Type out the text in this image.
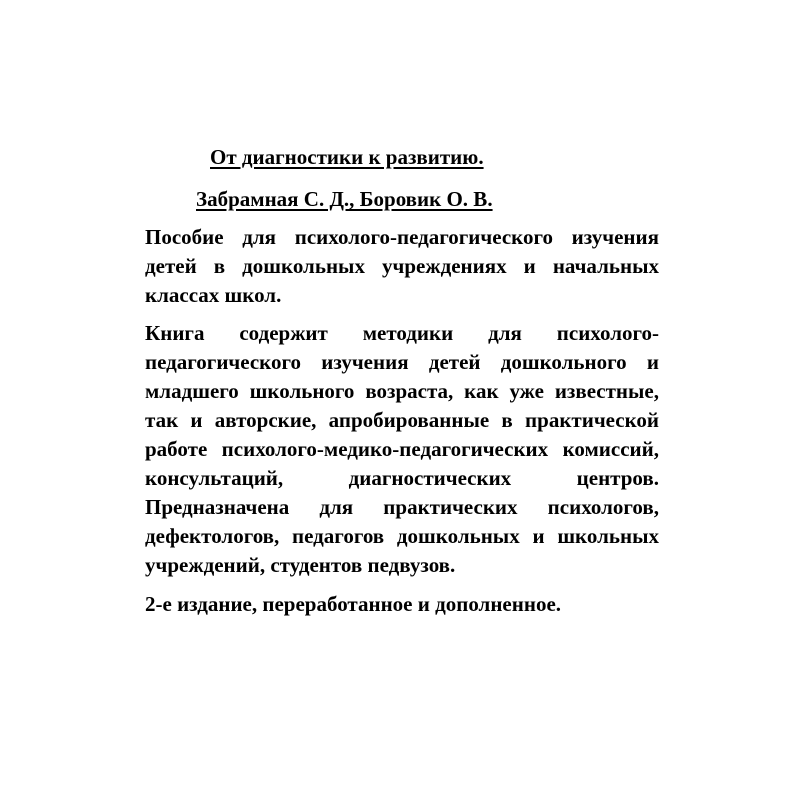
От диагностики к развитию.

Забрамная С. Д., Боровик О. В.

Пособие для психолого-педагогического изучения детей в дошкольных учреждениях и начальных классах школ.

Книга содержит методики для психолого-педагогического изучения детей дошкольного и младшего школьного возраста, как уже известные, так и авторские, апробированные в практической работе психолого-медико-педагогических комиссий, консультаций, диагностических центров. Предназначена для практических психологов, дефектологов, педагогов дошкольных и школьных учреждений, студентов педвузов.

2-е издание, переработанное и дополненное.
